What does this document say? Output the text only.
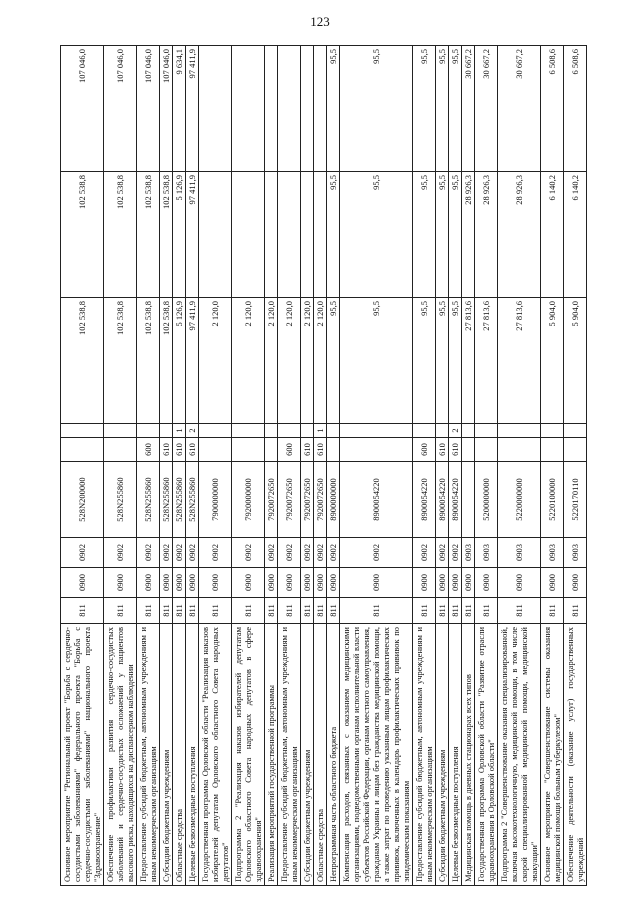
123
Основное мероприятие "Региональный проект "Борьба с сердечно-сосудистыми заболеваниями" федерального проекта "Борьба с сердечно-сосудистыми заболеваниями" национального проекта "Здравоохранение"	811	0900	0902	528N200000			102 538,8	102 538,8	107 046,0
Обеспечение профилактики развития сердечно-сосудистых заболеваний и сердечно-сосудистых осложнений у пациентов высокого риска, находящихся на диспансерном наблюдении	811	0900	0902	528N255860			102 538,8	102 538,8	107 046,0
Предоставление субсидий бюджетным, автономным учреждениям и иным некоммерческим организациям	811	0900	0902	528N255860	600		102 538,8	102 538,8	107 046,0
Субсидии бюджетным учреждениям	811	0900	0902	528N255860	610		102 538,8	102 538,8	107 046,0
Областные средства	811	0900	0902	528N255860	610	1	5 126,9	5 126,9	9 634,1
Целевые безвозмездные поступления	811	0900	0902	528N255860	610	2	97 411,9	97 411,9	97 411,9
Государственная программа Орловской области "Реализация наказов избирателей депутатам Орловского областного Совета народных депутатов"	811	0900	0902	7900000000			2 120,0		
Подпрограмма 2 "Реализация наказов избирателей депутатам Орловского областного Совета народных депутатов в сфере здравоохранения"	811	0900	0902	7920000000			2 120,0		
Реализация мероприятий государственной программы	811	0900	0902	7920072650			2 120,0		
Предоставление субсидий бюджетным, автономным учреждениям и иным некоммерческим организациям	811	0900	0902	7920072650	600		2 120,0		
Субсидии бюджетным учреждениям	811	0900	0902	7920072650	610		2 120,0		
Областные средства	811	0900	0902	7920072650	610	1	2 120,0		
Непрограммная часть областного бюджета	811	0900	0902	8900000000			95,5	95,5	95,5
Компенсация расходов, связанных с оказанием медицинскими организациями, подведомственными органам исполнительной власти субъектов Российской Федерации, органам местного самоуправления, гражданам Украины и лицам без гражданства медицинской помощи, а также затрат по проведению указанным лицам профилактических прививок, включенных в календарь профилактических прививок по эпидемическим показаниям	811	0900	0902	8900054220			95,5	95,5	95,5
Предоставление субсидий бюджетным, автономным учреждениям и иным некоммерческим организациям	811	0900	0902	8900054220	600		95,5	95,5	95,5
Субсидии бюджетным учреждениям	811	0900	0902	8900054220	610		95,5	95,5	95,5
Целевые безвозмездные поступления	811	0900	0902	8900054220	610	2	95,5	95,5	95,5
Медицинская помощь в дневных стационарах всех типов	811	0900	0903				27 813,6	28 926,3	30 667,2
Государственная программа Орловской области "Развитие отрасли здравоохранения в Орловской области"	811	0900	0903	5200000000			27 813,6	28 926,3	30 667,2
Подпрограмма 2 "Совершенствование оказания специализированной, включая высокотехнологичную, медицинской помощи, в том числе скорой специализированной медицинской помощи, медицинской эвакуации"	811	0900	0903	5220000000			27 813,6	28 926,3	30 667,2
Основное мероприятие "Совершенствование системы оказания медицинской помощи больным туберкулезом"	811	0900	0903	5220100000			5 904,0	6 140,2	6 508,6
Обеспечение деятельности (оказание услуг) государственных учреждений	811	0900	0903	5220170110			5 904,0	6 140,2	6 508,6
